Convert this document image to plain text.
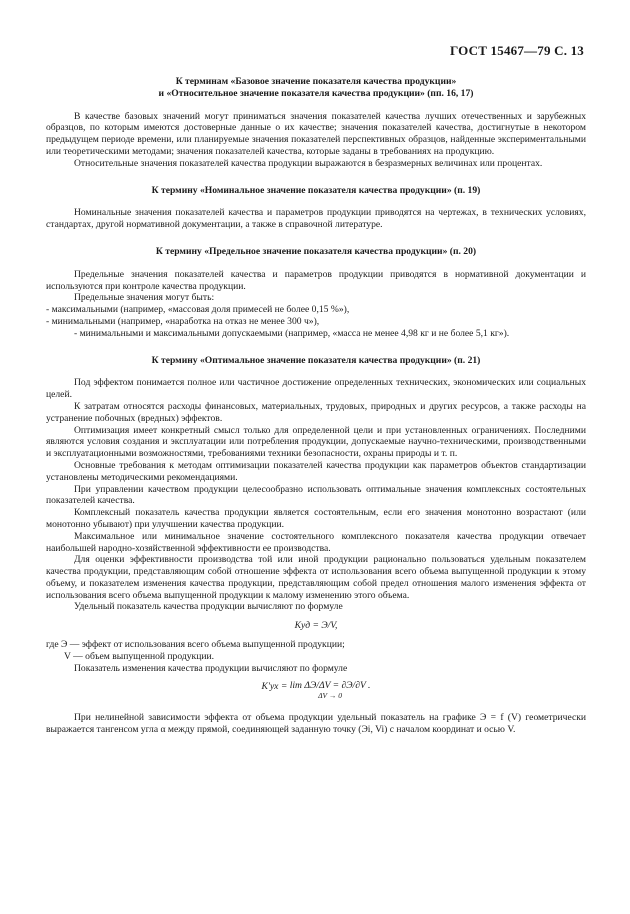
ГОСТ 15467—79 С. 13

К терминам «Базовое значение показателя качества продукции»

и «Относительное значение показателя качества продукции» (пп. 16, 17)

В качестве базовых значений могут приниматься значения показателей качества лучших отечественных и зарубежных образцов, по которым имеются достоверные данные о их качестве; значения показателей качества, достигнутые в некотором предыдущем периоде времени, или планируемые значения показателей перспективных образцов, найденные экспериментальными или теоретическими методами; значения показателей качества, которые заданы в требованиях на продукцию.

Относительные значения показателей качества продукции выражаются в безразмерных величинах или процентах.

К термину «Номинальное значение показателя качества продукции» (п. 19)

Номинальные значения показателей качества и параметров продукции приводятся на чертежах, в технических условиях, стандартах, другой нормативной документации, а также в справочной литературе.

К термину «Предельное значение показателя качества продукции» (п. 20)

Предельные значения показателей качества и параметров продукции приводятся в нормативной документации и используются при контроле качества продукции.

Предельные значения могут быть:

- максимальными (например, «массовая доля примесей не более 0,15 %»),

- минимальными (например, «наработка на отказ не менее 300 ч»),

- минимальными и максимальными допускаемыми (например, «масса не менее 4,98 кг и не более 5,1 кг»).

К термину «Оптимальное значение показателя качества продукции» (п. 21)

Под эффектом понимается полное или частичное достижение определенных технических, экономических или социальных целей.

К затратам относятся расходы финансовых, материальных, трудовых, природных и других ресурсов, а также расходы на устранение побочных (вредных) эффектов.

Оптимизация имеет конкретный смысл только для определенной цели и при установленных ограничениях. Последними являются условия создания и эксплуатации или потребления продукции, допускаемые научно-техническими, производственными и эксплуатационными возможностями, требованиями техники безопасности, охраны природы и т. п.

Основные требования к методам оптимизации показателей качества продукции как параметров объектов стандартизации установлены методическими рекомендациями.

При управлении качеством продукции целесообразно использовать оптимальные значения комплексных состоятельных показателей качества.

Комплексный показатель качества продукции является состоятельным, если его значения монотонно возрастают (или монотонно убывают) при улучшении качества продукции.

Максимальное или минимальное значение состоятельного комплексного показателя качества продукции отвечает наибольшей народно-хозяйственной эффективности ее производства.

Для оценки эффективности производства той или иной продукции рационально пользоваться удельным показателем качества продукции, представляющим собой отношение эффекта от использования всего объема выпущенной продукции к этому объему, и показателем изменения качества продукции, представляющим собой предел отношения малого изменения эффекта от использования всего объема выпущенной продукции к малому изменению этого объема.

Удельный показатель качества продукции вычисляют по формуле

Kуд = Э/V,

где Э — эффект от использования всего объема выпущенной продукции;

V — объем выпущенной продукции.

Показатель изменения качества продукции вычисляют по формуле

K′ух = lim ΔЭ/ΔV = ∂Э/∂V .
ΔV → 0

При нелинейной зависимости эффекта от объема продукции удельный показатель на графике Э = f (V) геометрически выражается тангенсом угла α между прямой, соединяющей заданную точку (Эi, Vi) с началом координат и осью V.
